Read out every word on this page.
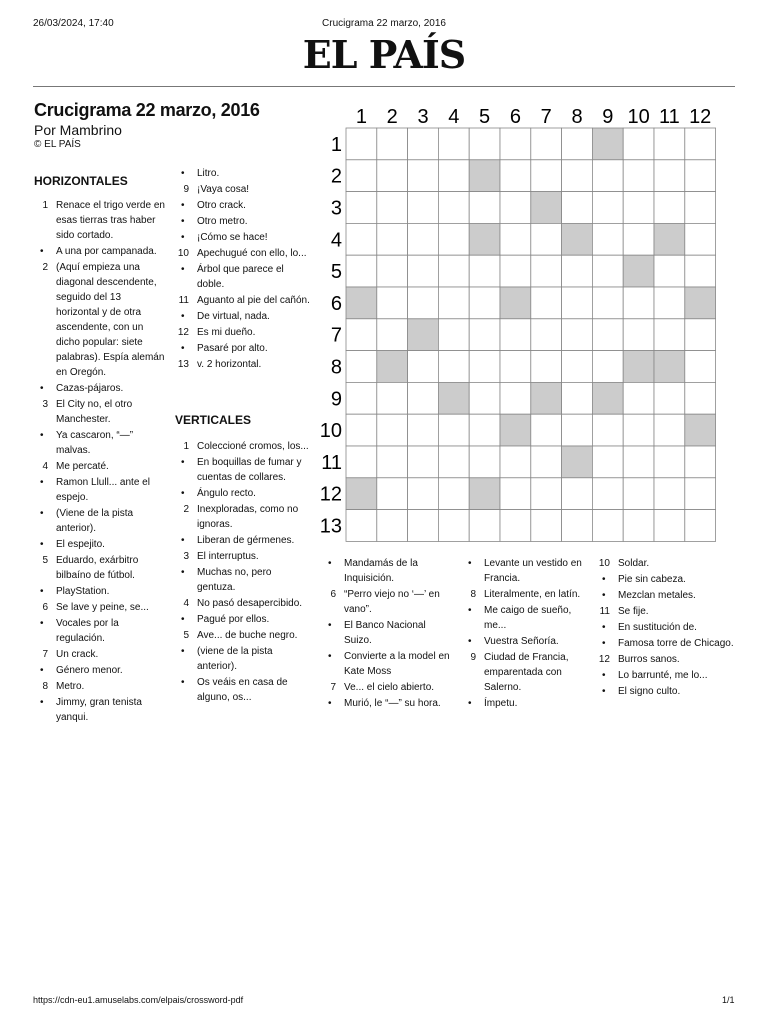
26/03/2024, 17:40	Crucigrama 22 marzo, 2016
EL PAÍS
Crucigrama 22 marzo, 2016
Por Mambrino
© EL PAÍS
HORIZONTALES
1 Renace el trigo verde en esas tierras tras haber sido cortado.
• A una por campanada.
2 (Aquí empieza una diagonal descendente, seguido del 13 horizontal y de otra ascendente, con un dicho popular: siete palabras). Espía alemán en Oregón.
• Cazas-pájaros.
3 El City no, el otro Manchester.
• Ya cascaron, “—” malvas.
4 Me percaté.
• Ramon Llull... ante el espejo.
• (Viene de la pista anterior).
• El espejito.
5 Eduardo, exárbitro bilbaíno de fútbol.
• PlayStation.
6 Se lave y peine, se...
• Vocales por la regulación.
7 Un crack.
• Género menor.
8 Metro.
• Jimmy, gran tenista yanqui.
• Litro.
9 ¡Vaya cosa!
• Otro crack.
• Otro metro.
• ¡Cómo se hace!
10 Apechugué con ello, lo...
• Árbol que parece el doble.
11 Aguanto al pie del cañón.
• De virtual, nada.
12 Es mi dueño.
• Pasaré por alto.
13 v. 2 horizontal.
VERTICALES
1 Coleccioné cromos, los...
• En boquillas de fumar y cuentas de collares.
• Ángulo recto.
2 Inexploradas, como no ignoras.
• Liberan de gérmenes.
3 El interruptus.
• Muchas no, pero gentuza.
4 No pasó desapercibido.
• Pagué por ellos.
5 Ave... de buche negro.
• (viene de la pista anterior).
• Os veáis en casa de alguno, os...
• Mandamás de la Inquisición.
6 “Perro viejo no ‘—’ en vano”.
• El Banco Nacional Suizo.
• Convierte a la model en Kate Moss
7 Ve... el cielo abierto.
• Murió, le “—” su hora.
• Levante un vestido en Francia.
8 Literalmente, en latín.
• Me caigo de sueño, me...
• Vuestra Señoría.
9 Ciudad de Francia, emparentada con Salerno.
• Ímpetu.
10 Soldar.
• Pie sin cabeza.
• Mezclan metales.
11 Se fije.
• En sustitución de.
• Famosa torre de Chicago.
12 Burros sanos.
• Lo barrunté, me lo...
• El signo culto.
1 2 3 4 5 6 7 8 9 10 11 12
1
2
3
4
5
6
7
8
9
10
11
12
13
https://cdn-eu1.amuselabs.com/elpais/crossword-pdf	1/1
